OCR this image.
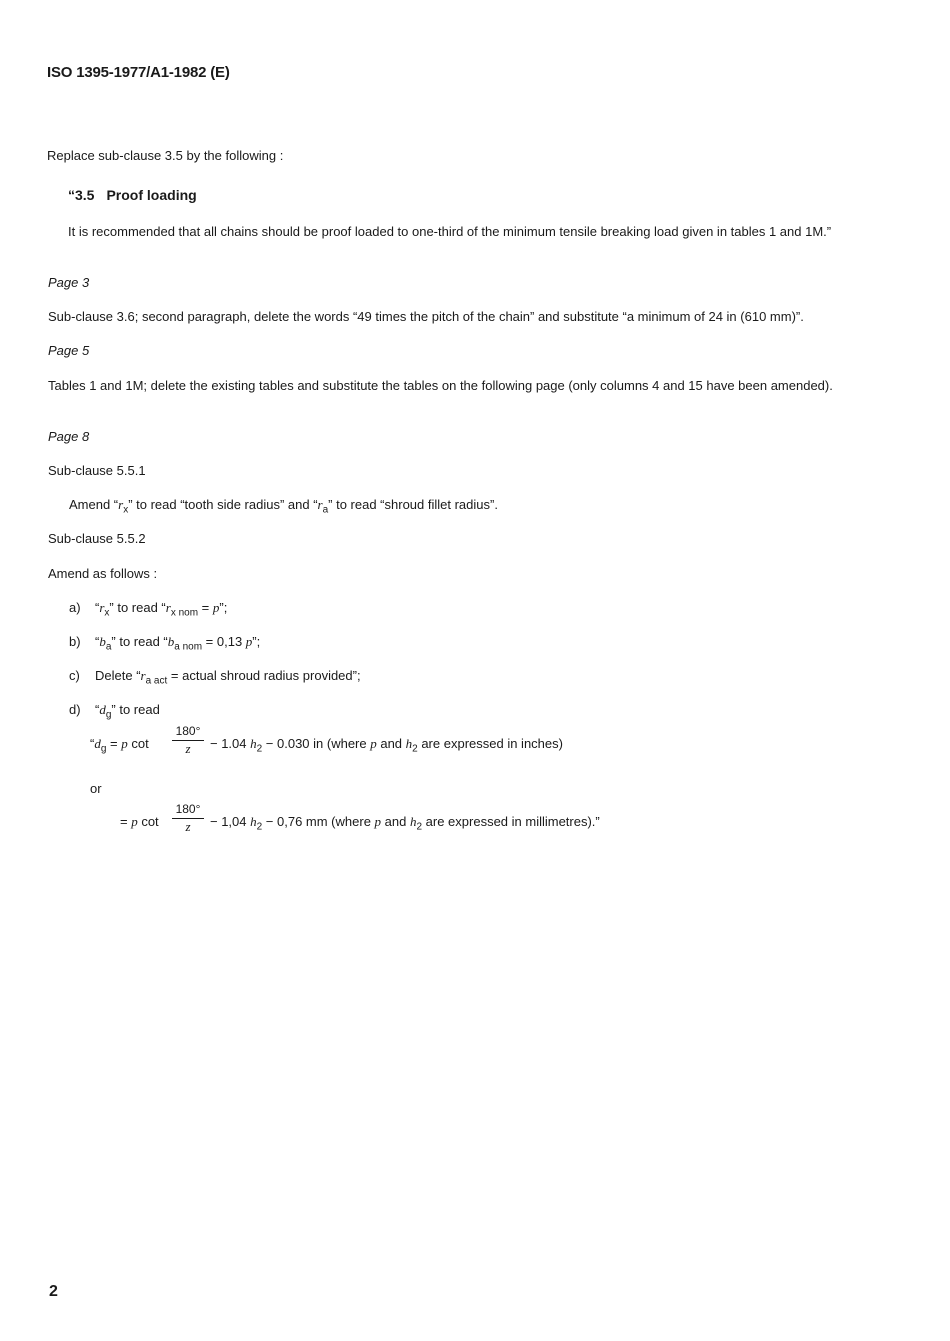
ISO 1395-1977/A1-1982 (E)
Replace sub-clause 3.5 by the following :
“3.5 Proof loading
It is recommended that all chains should be proof loaded to one-third of the minimum tensile breaking load given in tables 1 and 1M.”
Page 3
Sub-clause 3.6; second paragraph, delete the words “49 times the pitch of the chain” and substitute “a minimum of 24 in (610 mm)”.
Page 5
Tables 1 and 1M; delete the existing tables and substitute the tables on the following page (only columns 4 and 15 have been amended).
Page 8
Sub-clause 5.5.1
Amend “$r_x$” to read “tooth side radius” and “$r_a$” to read “shroud fillet radius”.
Sub-clause 5.5.2
Amend as follows :
a) “$r_x$” to read “$r_{x nom} = p$”;
b) “$b_a$” to read “$b_{a nom} = 0,13$ p”;
c) Delete “$r_{a act}$ = actual shroud radius provided”;
d) “$d_g$” to read
“$d_g = p$ cot
180°
z	− 1.04 $h_2 - 0.030$ in (where p and $h_2$ are expressed in inches)
or
= p cot
180°
z	− 1,04 $h_2 - 0,76$ mm (where p and $h_2$ are expressed in millimetres).”
2
